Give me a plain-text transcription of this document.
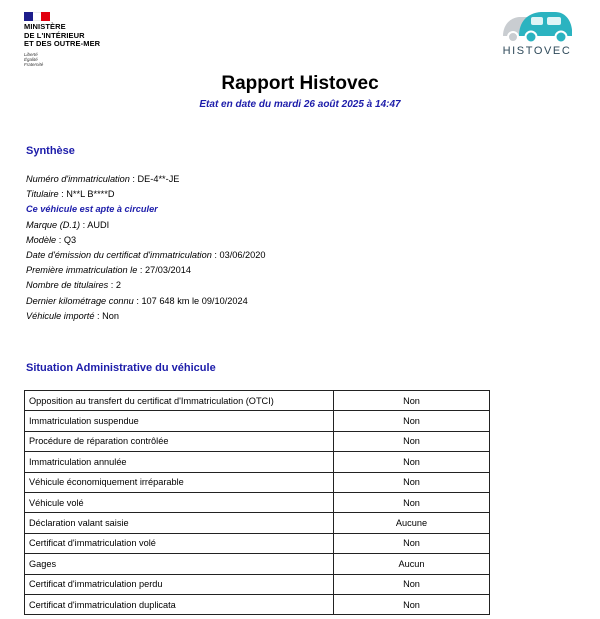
MINISTÈRE
DE L'INTÉRIEUR
ET DES OUTRE-MER
Liberté
Égalité
Fraternité
HISTOVEC
Rapport Histovec
Etat en date du mardi 26 août 2025 à 14:47
Synthèse
Numéro d'immatriculation : DE-4**-JE
Titulaire : N**L B****D
Ce véhicule est apte à circuler
Marque (D.1) : AUDI
Modèle : Q3
Date d'émission du certificat d'immatriculation : 03/06/2020
Première immatriculation le : 27/03/2014
Nombre de titulaires : 2
Dernier kilométrage connu : 107 648 km le 09/10/2024
Véhicule importé : Non
Situation Administrative du véhicule
Opposition au transfert du certificat d'Immatriculation (OTCI)	Non
Immatriculation suspendue	Non
Procédure de réparation contrôlée	Non
Immatriculation annulée	Non
Véhicule économiquement irréparable	Non
Véhicule volé	Non
Déclaration valant saisie	Aucune
Certificat d'immatriculation volé	Non
Gages	Aucun
Certificat d'immatriculation perdu	Non
Certificat d'immatriculation duplicata	Non
